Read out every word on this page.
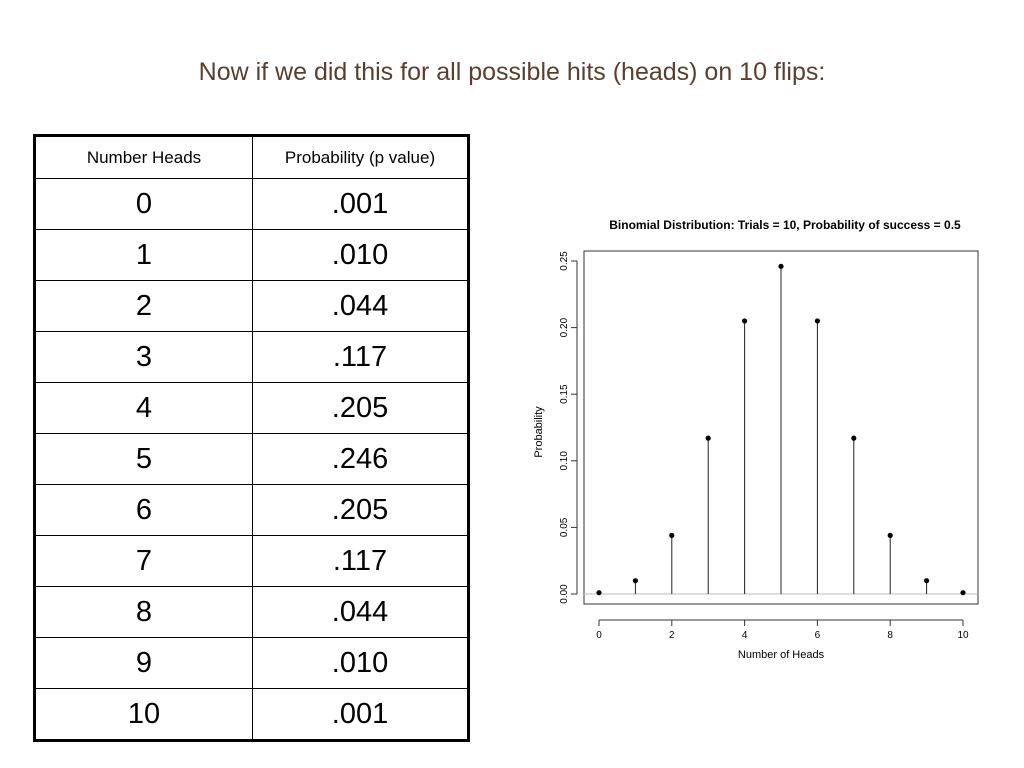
Now if we did this for all possible hits (heads) on 10 flips:
Number Heads	Probability (p value)
0	.001
1	.010
2	.044
3	.117
4	.205
5	.246
6	.205
7	.117
8	.044
9	.010
10	.001
Binomial Distribution: Trials = 10, Probability of success = 0.5
0	2	4	6	8	10
0.00
0.05
0.10
0.15
0.20
0.25
Number of Heads
Probability
